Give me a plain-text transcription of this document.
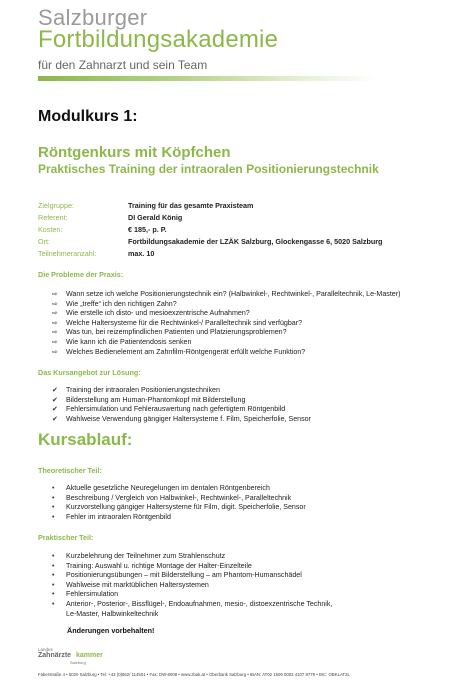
Salzburger
Fortbildungsakademie
für den Zahnarzt und sein Team
Modulkurs 1:
Röntgenkurs mit Köpfchen
Praktisches Training der intraoralen Positionierungstechnik
Zielgruppe:	Training für das gesamte Praxisteam
Referent:	DI Gerald König
Kosten:	€ 185,- p. P.
Ort:	Fortbildungsakademie der LZÄK Salzburg, Glockengasse 6, 5020 Salzburg
Teilnehmeranzahl:	max. 10
Die Probleme der Praxis:
⇨	Wann setze ich welche Positionierungstechnik ein? (Halbwinkel-, Rechtwinkel-, Paralleltechnik, Le-Master)
⇨	Wie „treffe“ ich den richtigen Zahn?
⇨	Wie erstelle ich disto- und mesioexzentrische Aufnahmen?
⇨	Welche Haltersysteme für die Rechtwinkel-/ Paralleltechnik sind verfügbar?
⇨	Was tun, bei reizempfindlichen Patienten und Platzierungsproblemen?
⇨	Wie kann ich die Patientendosis senken
⇨	Welches Bedienelement am Zahnfilm-Röntgengerät erfüllt welche Funktion?
Das Kursangebot zur Lösung:
✔	Training der intraoralen Positionierungstechniken
✔	Bilderstellung am Human-Phantomkopf mit Bilderstellung
✔	Fehlersimulation und Fehlerauswertung nach gefertigtem Röntgenbild
✔	Wahlweise Verwendung gängiger Haltersysteme f. Film, Speicherfolie, Sensor
Kursablauf:
Theoretischer Teil:
•	Aktuelle gesetzliche Neuregelungen im dentalen Röntgenbereich
•	Beschreibung / Vergleich von Halbwinkel-, Rechtwinkel-, Paralleltechnik
•	Kurzvorstellung gängiger Haltersysteme für Film, digit. Speicherfolie, Sensor
•	Fehler im intraoralen Röntgenbild
Praktischer Teil:
•	Kurzbelehrung der Teilnehmer zum Strahlenschutz
•	Training: Auswahl u. richtige Montage der Halter-Einzelteile
•	Positionierungsübungen – mit Bilderstellung – am Phantom-Humanschädel
•	Wahlweise mit marktüblichen Haltersystemen
•	Fehlersimulation
•	Anterior-, Posterior-, Bissflügel-, Endoaufnahmen, mesio-, distoexzentrische Technik,
Le-Master, Halbwinkeltechnik
Änderungen vorbehalten!
Landes
Zahnärzte kammer
Salzburg
Faberstraße 4 • 5020 Salzburg • Tel: +43 (0)662/ 114501 • Fax: DW-8008 • www.zbak.at • Oberbank Salzburg • IBAN: AT02 1509 0003 4107 8779 • BIC: OBKLAT2L
